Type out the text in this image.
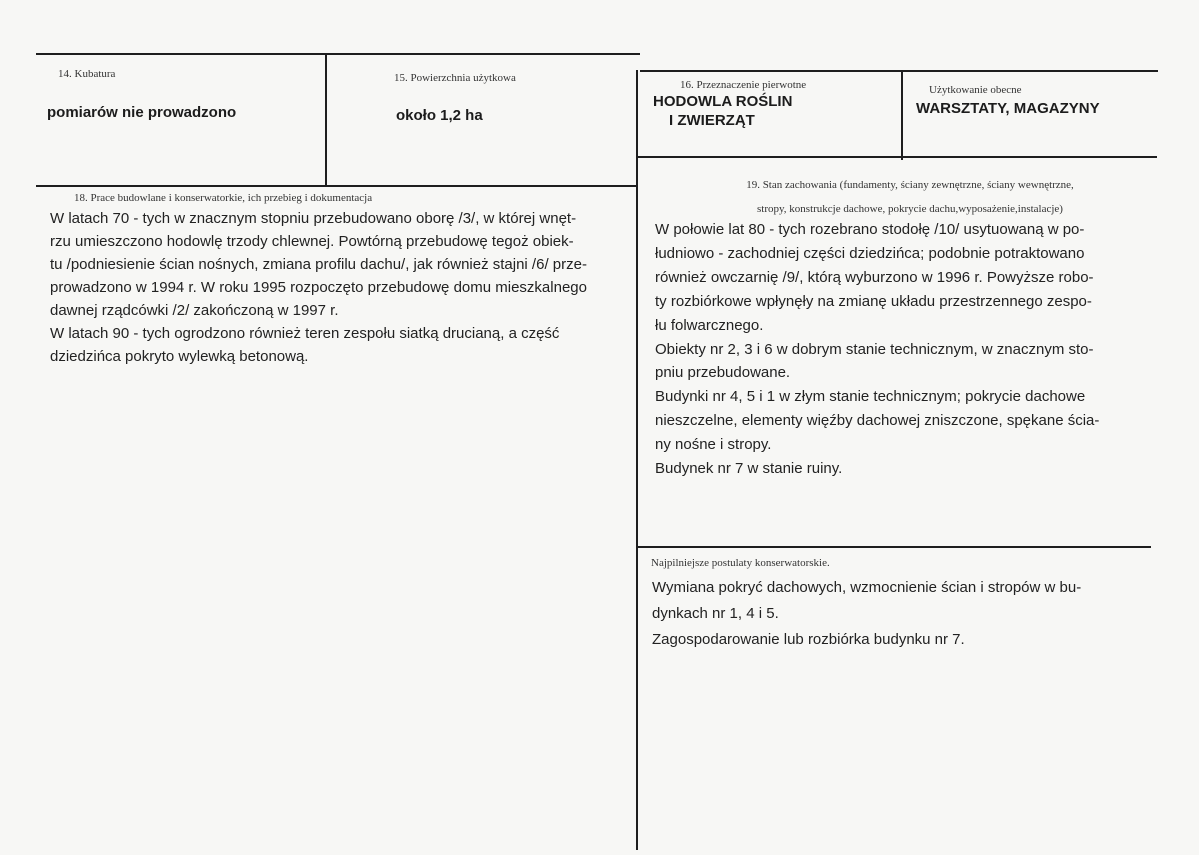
14. Kubatura
pomiarów nie prowadzono
15. Powierzchnia użytkowa
około 1,2 ha
16. Przeznaczenie pierwotne
HODOWLA ROŚLIN
I ZWIERZĄT
Użytkowanie obecne
WARSZTATY, MAGAZYNY
18. Prace budowlane i konserwatorkie, ich przebieg i dokumentacja
W latach 70 - tych w znacznym stopniu przebudowano oborę /3/, w której wnęt-
rzu umieszczono hodowlę trzody chlewnej. Powtórną przebudowę tegoż obiek-
tu /podniesienie ścian nośnych, zmiana profilu dachu/, jak również stajni /6/ prze-
prowadzono w 1994 r. W roku 1995 rozpoczęto przebudowę domu mieszkalnego
dawnej rządcówki /2/ zakończoną w 1997 r.
W latach 90 - tych ogrodzono również teren zespołu siatką drucianą, a część
dziedzińca pokryto wylewką betonową.
19. Stan zachowania (fundamenty, ściany zewnętrzne, ściany wewnętrzne,
stropy, konstrukcje dachowe, pokrycie dachu,wyposażenie,instalacje)
W połowie lat 80 - tych rozebrano stodołę /10/ usytuowaną w po-
łudniowo - zachodniej części dziedzińca; podobnie potraktowano
również owczarnię /9/, którą wyburzono w 1996 r. Powyższe robo-
ty rozbiórkowe wpłynęły na zmianę układu przestrzennego zespo-
łu folwarcznego.
Obiekty nr 2, 3 i 6 w dobrym stanie technicznym, w znacznym sto-
pniu przebudowane.
Budynki nr 4, 5 i 1 w złym stanie technicznym; pokrycie dachowe
nieszczelne, elementy więźby dachowej zniszczone, spękane ścia-
ny nośne i stropy.
Budynek nr 7 w stanie ruiny.
Najpilniejsze postulaty konserwatorskie.
Wymiana pokryć dachowych, wzmocnienie ścian i stropów w bu-
dynkach nr 1, 4 i 5.
Zagospodarowanie lub rozbiórka budynku nr 7.
